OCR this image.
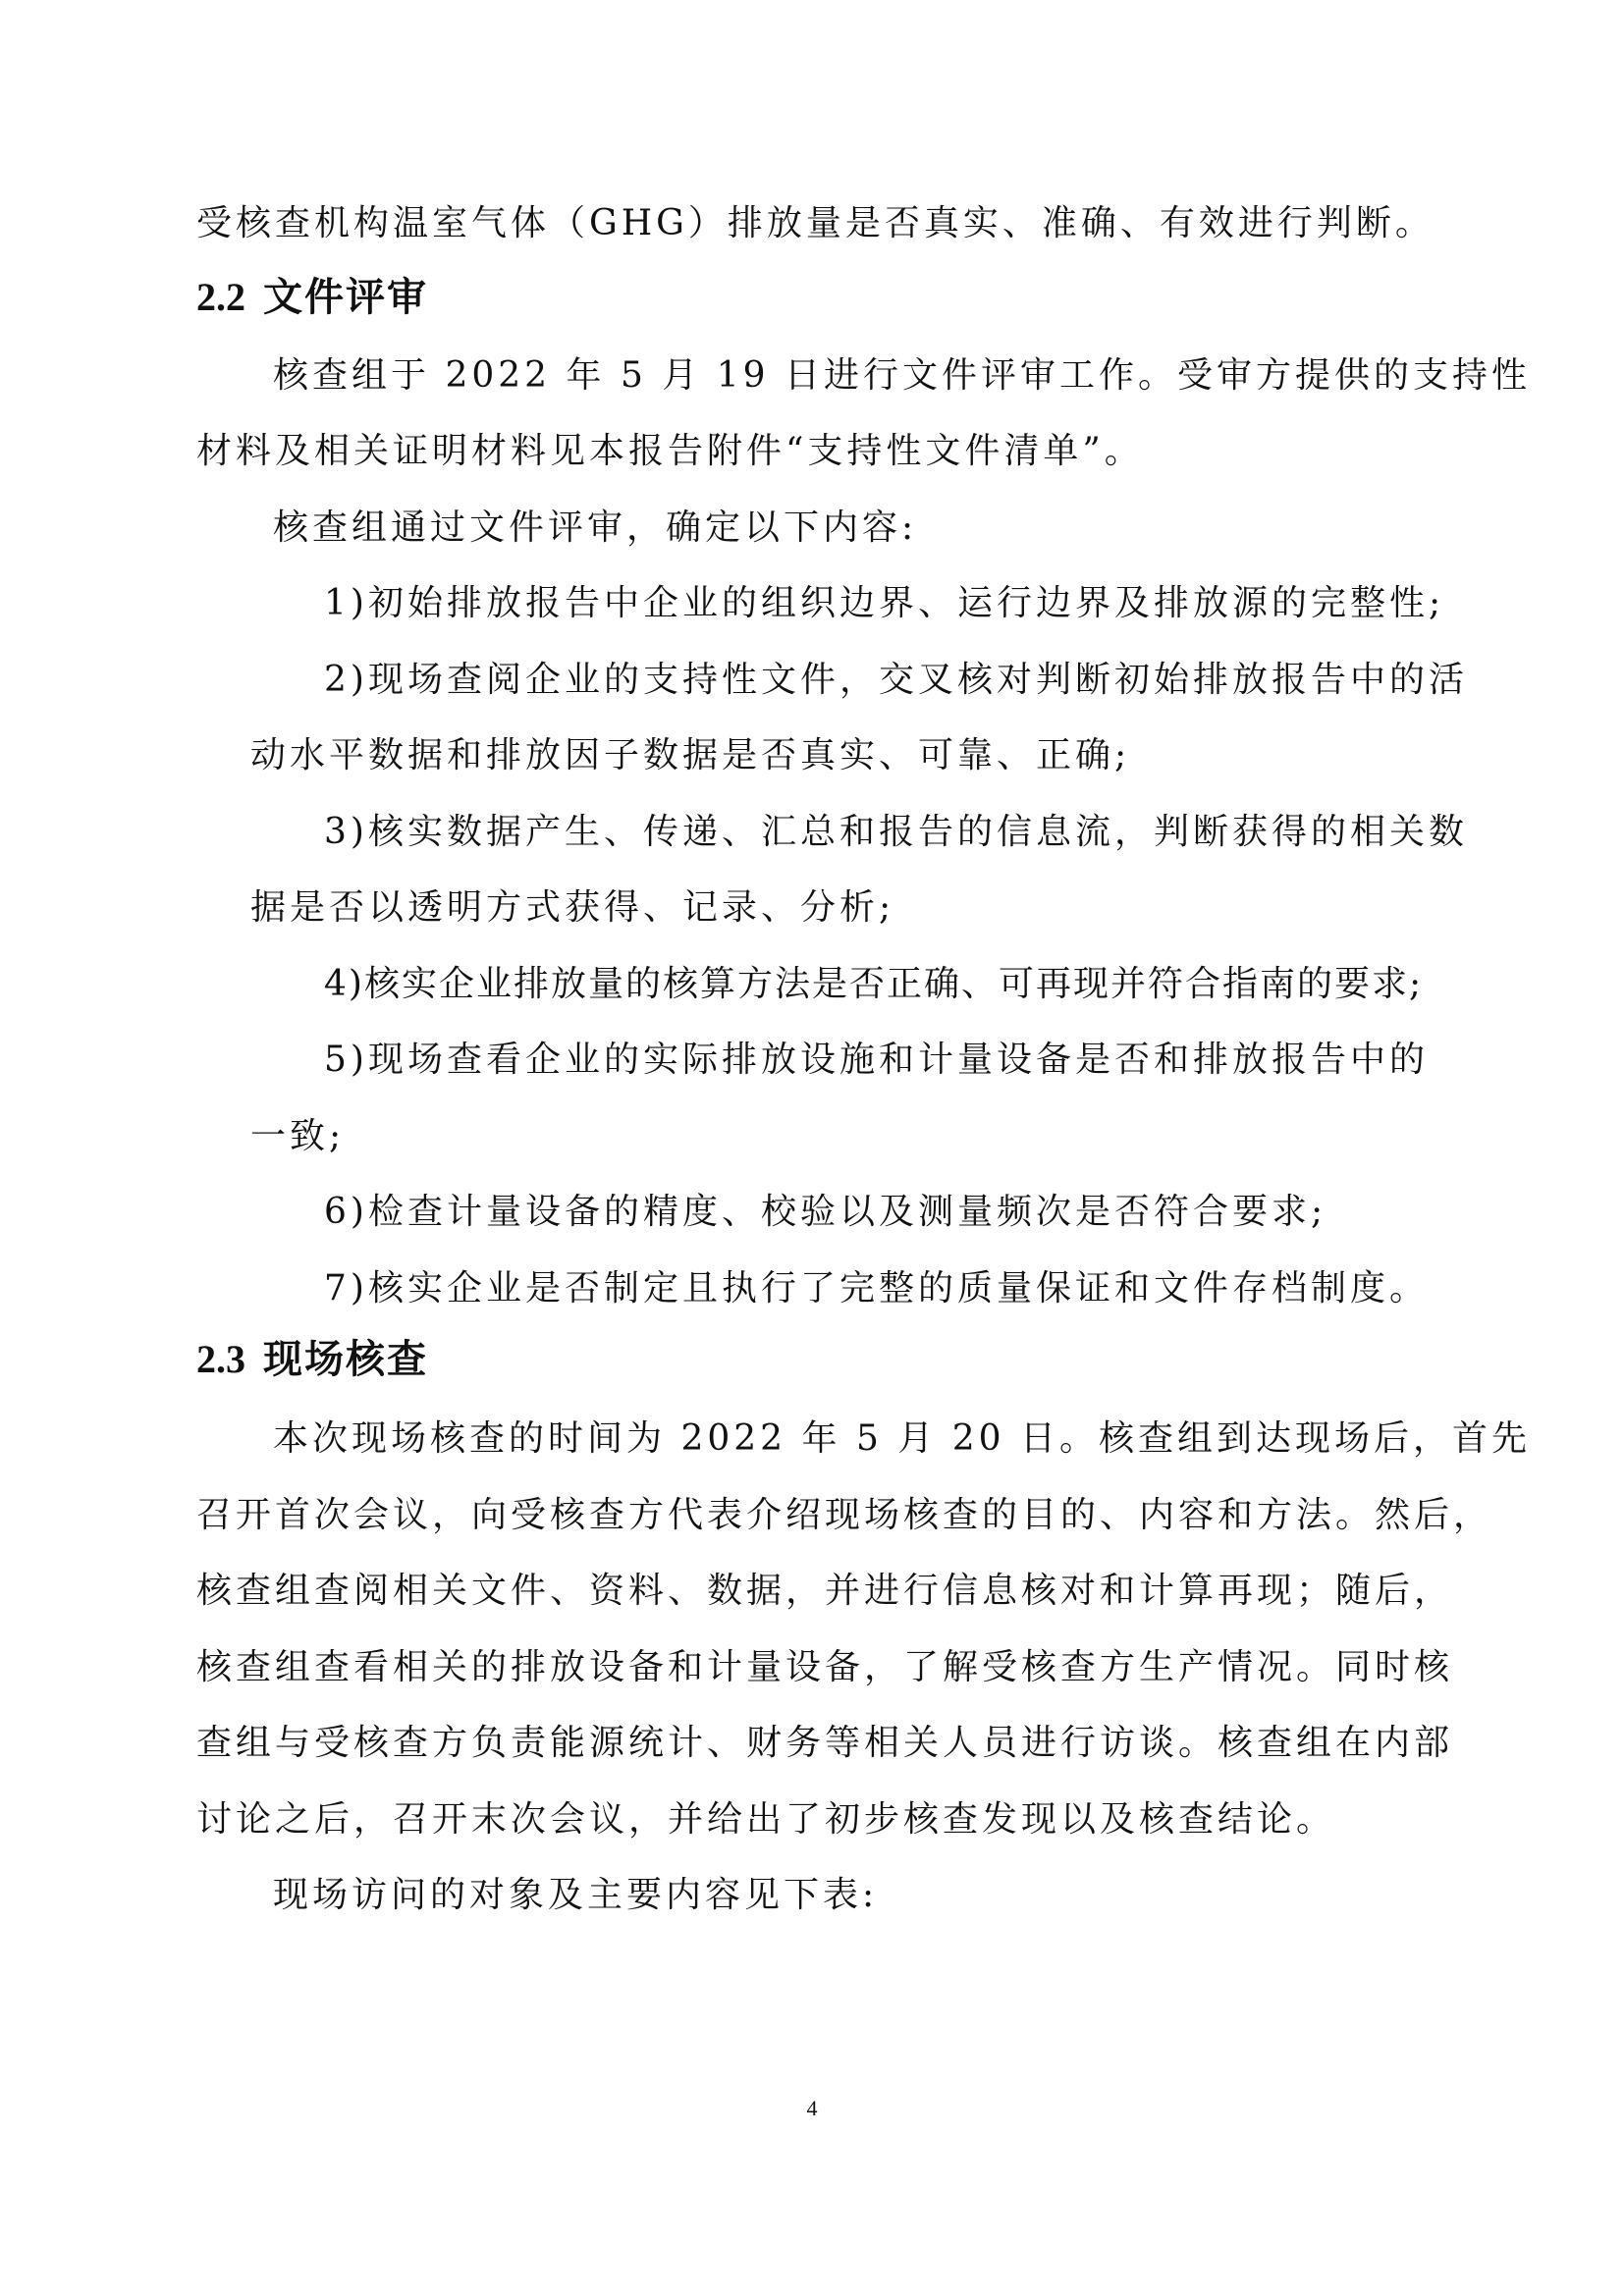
受核查机构温室气体（GHG）排放量是否真实、准确、有效进行判断。
2.2 文件评审
核查组于 2022 年 5 月 19 日进行文件评审工作。受审方提供的支持性
材料及相关证明材料见本报告附件“支持性文件清单”。
核查组通过文件评审，确定以下内容:
1)初始排放报告中企业的组织边界、运行边界及排放源的完整性;
2)现场查阅企业的支持性文件，交叉核对判断初始排放报告中的活
动水平数据和排放因子数据是否真实、可靠、正确;
3)核实数据产生、传递、汇总和报告的信息流，判断获得的相关数
据是否以透明方式获得、记录、分析;
4)核实企业排放量的核算方法是否正确、可再现并符合指南的要求;
5)现场查看企业的实际排放设施和计量设备是否和排放报告中的
一致;
6)检查计量设备的精度、校验以及测量频次是否符合要求;
7)核实企业是否制定且执行了完整的质量保证和文件存档制度。
2.3 现场核查
本次现场核查的时间为 2022 年 5 月 20 日。核查组到达现场后，首先
召开首次会议，向受核查方代表介绍现场核查的目的、内容和方法。然后，
核查组查阅相关文件、资料、数据，并进行信息核对和计算再现；随后，
核查组查看相关的排放设备和计量设备，了解受核查方生产情况。同时核
查组与受核查方负责能源统计、财务等相关人员进行访谈。核查组在内部
讨论之后，召开末次会议，并给出了初步核查发现以及核查结论。
现场访问的对象及主要内容见下表:
4
